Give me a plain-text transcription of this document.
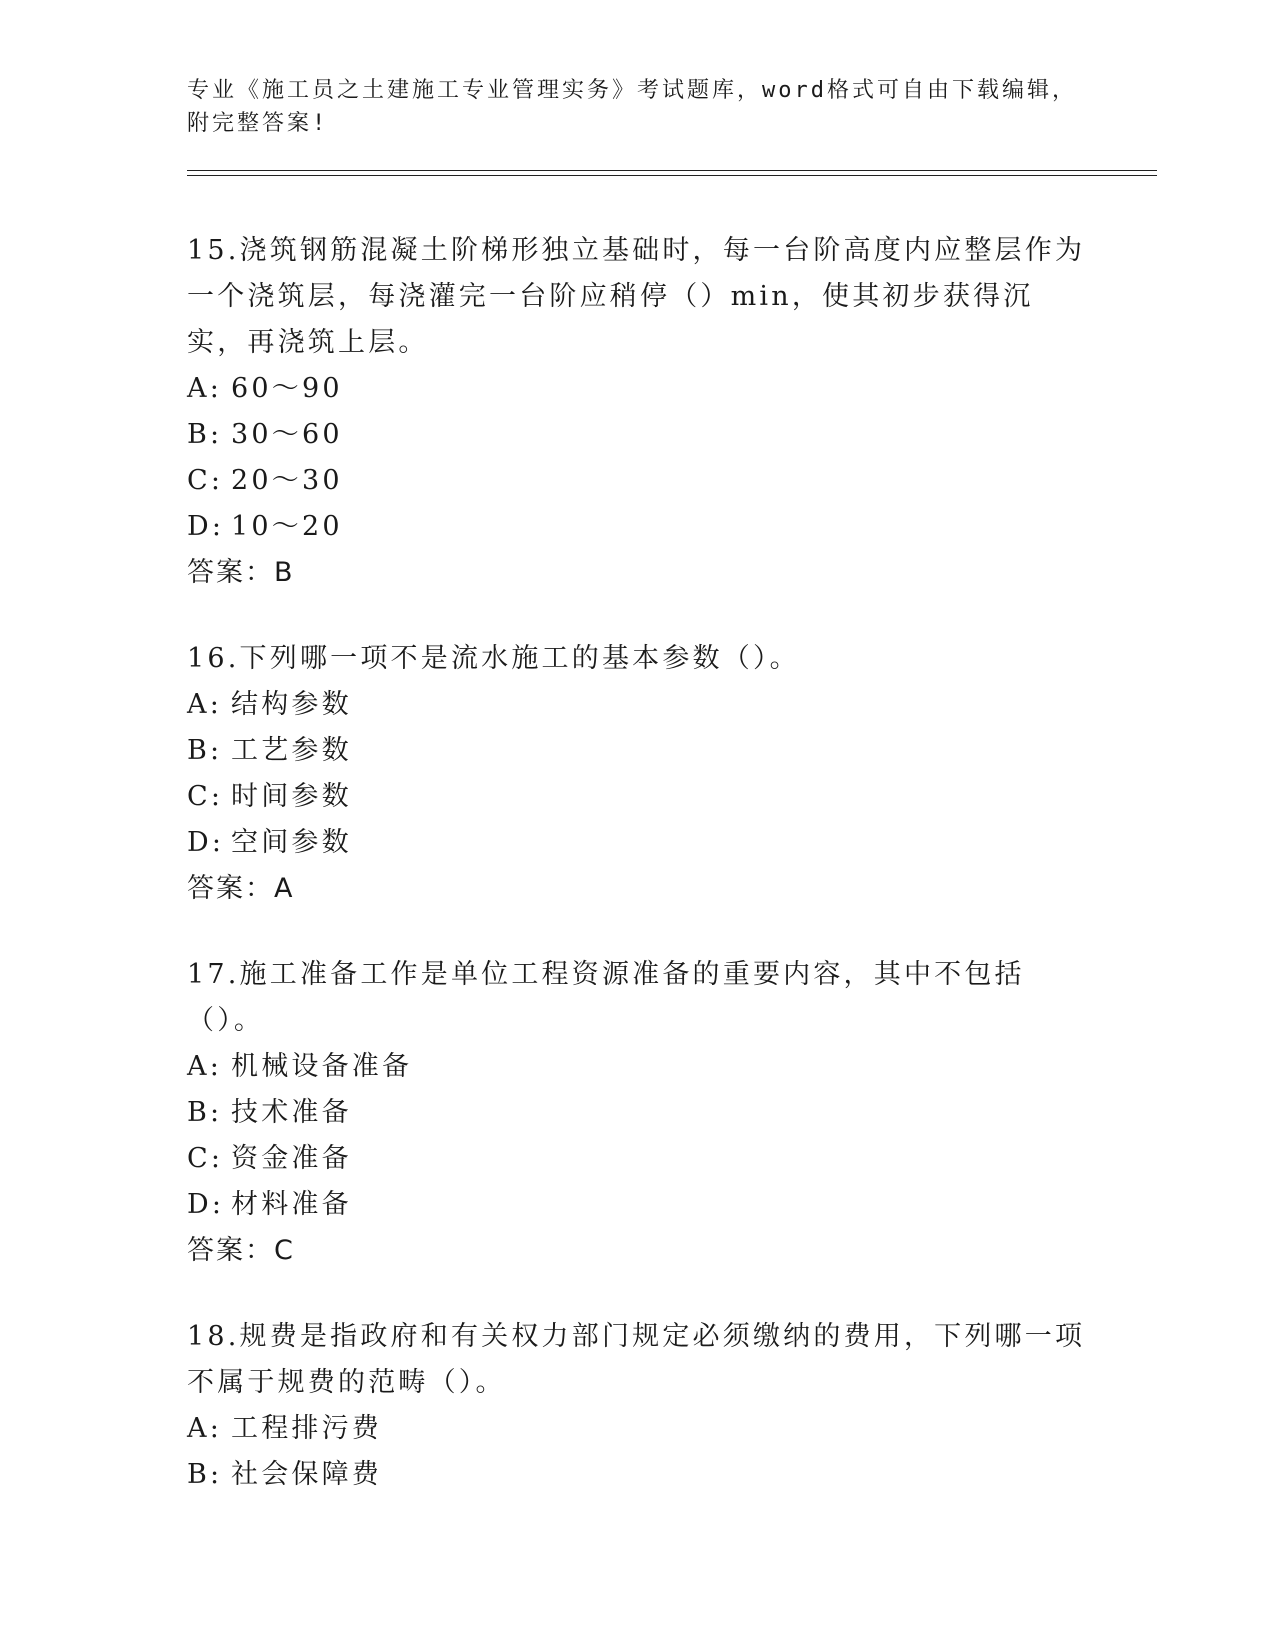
专业《施工员之土建施工专业管理实务》考试题库，word格式可自由下载编辑，
附完整答案!
15.浇筑钢筋混凝土阶梯形独立基础时，每一台阶高度内应整层作为一个浇筑层，每浇灌完一台阶应稍停（）min，使其初步获得沉实，再浇筑上层。
A: 60～90
B: 30～60
C: 20～30
D: 10～20
答案：B
16.下列哪一项不是流水施工的基本参数（）。
A: 结构参数
B: 工艺参数
C: 时间参数
D: 空间参数
答案：A
17.施工准备工作是单位工程资源准备的重要内容，其中不包括（）。
A: 机械设备准备
B: 技术准备
C: 资金准备
D: 材料准备
答案：C
18.规费是指政府和有关权力部门规定必须缴纳的费用，下列哪一项不属于规费的范畴（）。
A: 工程排污费
B: 社会保障费
